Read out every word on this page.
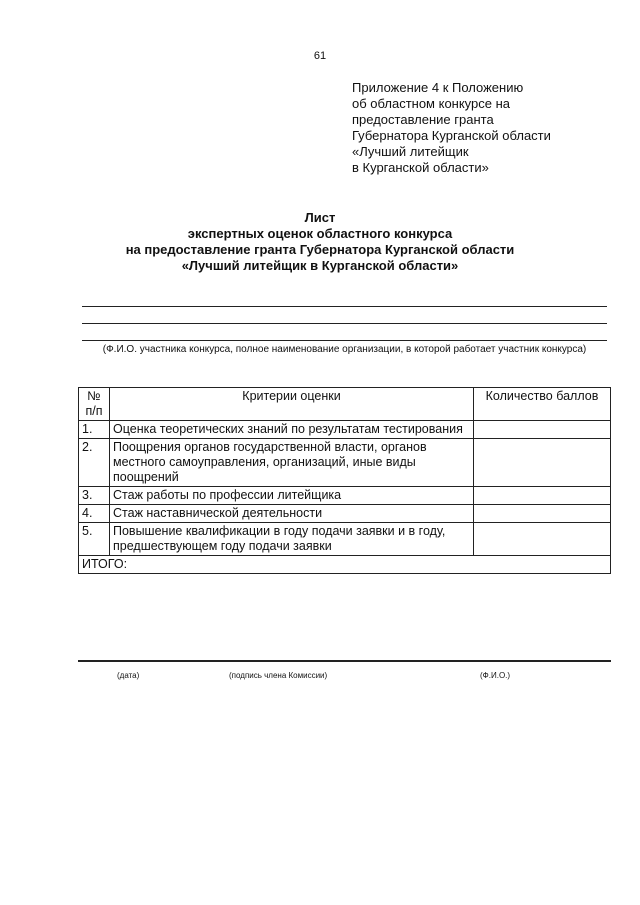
61
Приложение 4 к Положению
об областном конкурсе на
предоставление гранта
Губернатора Курганской области
«Лучший литейщик
в Курганской области»
Лист
экспертных оценок областного конкурса
на предоставление гранта Губернатора Курганской области
«Лучший литейщик в Курганской области»
(Ф.И.О. участника конкурса, полное наименование организации, в которой работает участник конкурса)
№ п/п	Критерии оценки	Количество баллов
1.	Оценка теоретических знаний по результатам тестирования	
2.	Поощрения органов государственной власти, органов местного самоуправления, организаций, иные виды поощрений	
3.	Стаж работы по профессии литейщика	
4.	Стаж наставнической деятельности	
5.	Повышение квалификации в году подачи заявки и в году, предшествующем году подачи заявки	
ИТОГО:		
(дата)	(подпись члена Комиссии)	(Ф.И.О.)
